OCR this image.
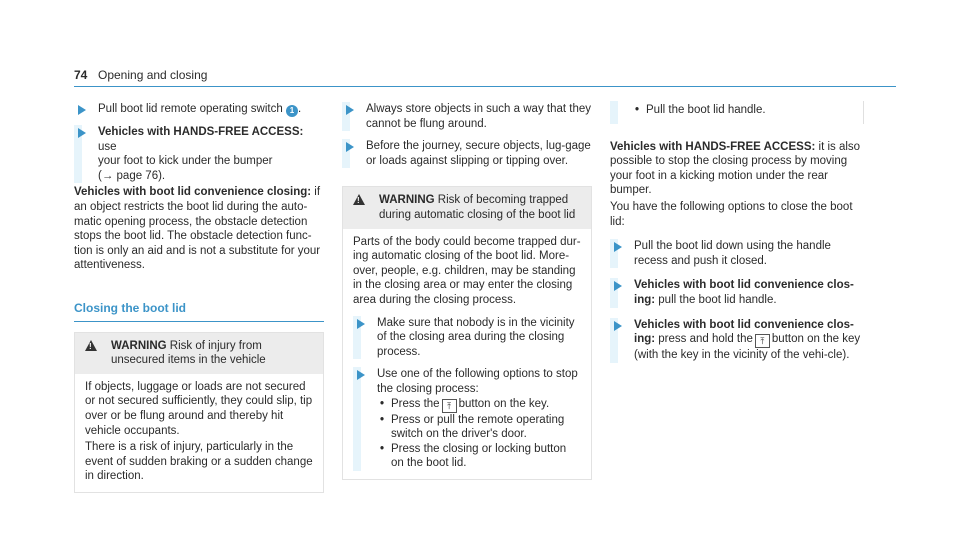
74 Opening and closing
Pull boot lid remote operating switch 1 .
Vehicles with HANDS-FREE ACCESS: use
your foot to kick under the bumper
(→ page 76).

Vehicles with boot lid convenience closing: if an object restricts the boot lid during the auto-matic opening process, the obstacle detection stops the boot lid. The obstacle detection func-tion is only an aid and is not a substitute for your attentiveness.

Closing the boot lid
!
WARNING Risk of injury from unsecured items in the vehicle

If objects, luggage or loads are not secured or not secured sufficiently, they could slip, tip over or be flung around and thereby hit vehicle occupants.

There is a risk of injury, particularly in the event of sudden braking or a sudden change in direction.

Always store objects in such a way that they cannot be flung around.
Before the journey, secure objects, lug-gage or loads against slipping or tipping over.
!
WARNING Risk of becoming trapped during automatic closing of the boot lid

Parts of the body could become trapped dur-ing automatic closing of the boot lid. More-over, people, e.g. children, may be standing in the closing area or may enter the closing area during the closing process.

Make sure that nobody is in the vicinity of the closing area during the closing process.
Use one of the following options to stop the closing process:
• Press the ⤒ button on the key.
• Press or pull the remote operating switch on the driver's door.
• Press the closing or locking button on the boot lid.
• Pull the boot lid handle.

Vehicles with HANDS-FREE ACCESS: it is also possible to stop the closing process by moving your foot in a kicking motion under the rear bumper.

You have the following options to close the boot lid:

Pull the boot lid down using the handle recess and push it closed.
Vehicles with boot lid convenience clos-ing: pull the boot lid handle.
Vehicles with boot lid convenience clos-ing: press and hold the ⤒ button on the key (with the key in the vicinity of the vehi-cle).
